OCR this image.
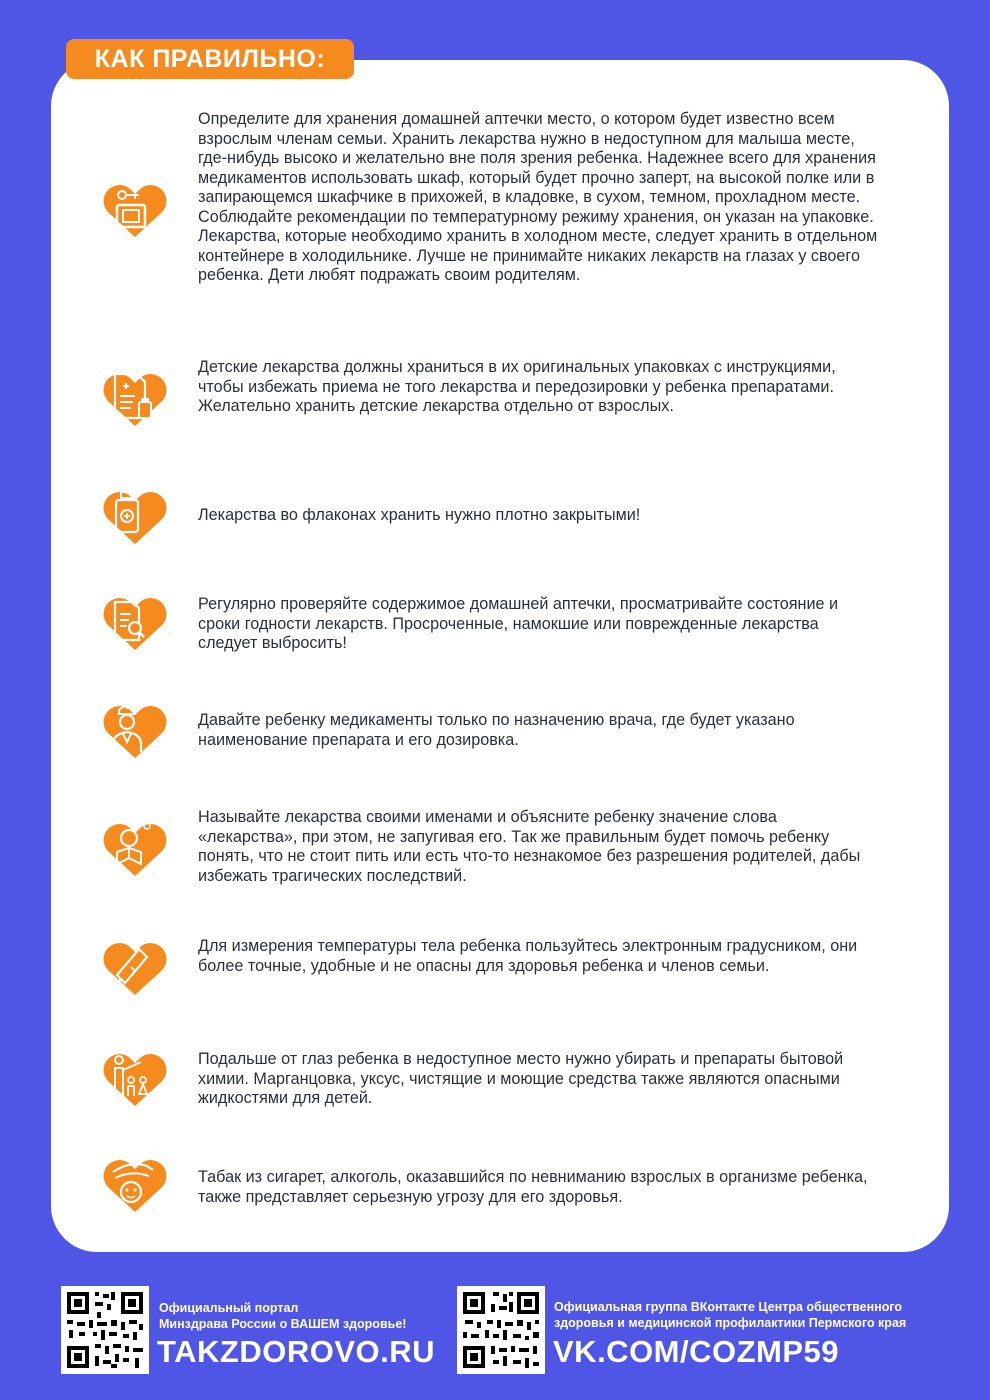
Определите для хранения домашней аптечки место, о котором будет известно всем взрослым членам семьи. Хранить лекарства нужно в недоступном для малыша месте, где-нибудь высоко и желательно вне поля зрения ребенка. Надежнее всего для хранения медикаментов использовать шкаф, который будет прочно заперт, на высокой полке или в запирающемся шкафчике в прихожей, в кладовке, в сухом, темном, прохладном месте. Соблюдайте рекомендации по температурному режиму хранения, он указан на упаковке. Лекарства, которые необходимо хранить в холодном месте, следует хранить в отдельном контейнере в холодильнике. Лучше не принимайте никаких лекарств на глазах у своего ребенка. Дети любят подражать своим родителям.
Детские лекарства должны храниться в их оригинальных упаковках с инструкциями, чтобы избежать приема не того лекарства и передозировки у ребенка препаратами. Желательно хранить детские лекарства отдельно от взрослых.
Лекарства во флаконах хранить нужно плотно закрытыми!
Регулярно проверяйте содержимое домашней аптечки, просматривайте состояние и сроки годности лекарств. Просроченные, намокшие или поврежденные лекарства следует выбросить!
Давайте ребенку медикаменты только по назначению врача, где будет указано наименование препарата и его дозировка.
Называйте лекарства своими именами и объясните ребенку значение слова «лекарства», при этом, не запугивая его. Так же правильным будет помочь ребенку понять, что не стоит пить или есть что-то незнакомое без разрешения родителей, дабы избежать трагических последствий.
Для измерения температуры тела ребенка пользуйтесь электронным градусником, они более точные, удобные и не опасны для здоровья ребенка и членов семьи.
Подальше от глаз ребенка в недоступное место нужно убирать и препараты бытовой химии. Марганцовка, уксус, чистящие и моющие средства также являются опасными жидкостями для детей.
Табак из сигарет, алкоголь, оказавшийся по невниманию взрослых в организме ребенка, также представляет серьезную угрозу для его здоровья.
КАК ПРАВИЛЬНО:
Официальный портал
Минздрава России о ВАШЕМ здоровье!
TAKZDOROVO.RU
Официальная группа ВКонтакте Центра общественного
здоровья и медицинской профилактики Пермского края
VK.COM/COZMP59
